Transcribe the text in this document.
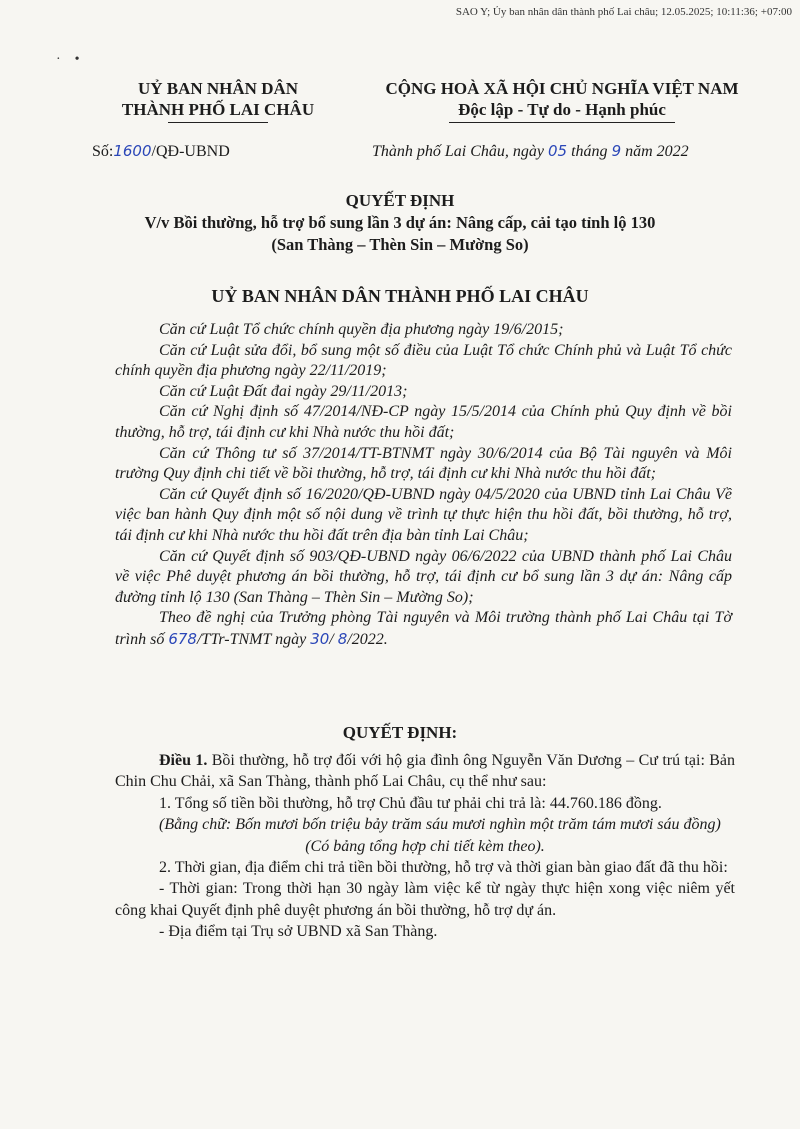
SAO Y; Ủy ban nhân dân thành phố Lai châu; 12.05.2025; 10:11:36; +07:00
·    •
UỶ BAN NHÂN DÂN
THÀNH PHỐ LAI CHÂU
CỘNG HOÀ XÃ HỘI CHỦ NGHĨA VIỆT NAM
Độc lập - Tự do - Hạnh phúc
Số:1600/QĐ-UBND	Thành phố Lai Châu, ngày 05 tháng 9 năm 2022
QUYẾT ĐỊNH
V/v Bồi thường, hỗ trợ bổ sung lần 3 dự án: Nâng cấp, cải tạo tỉnh lộ 130
(San Thàng – Thèn Sin – Mường So)
UỶ BAN NHÂN DÂN THÀNH PHỐ LAI CHÂU

Căn cứ Luật Tổ chức chính quyền địa phương ngày 19/6/2015;

Căn cứ Luật sửa đổi, bổ sung một số điều của Luật Tổ chức Chính phủ và Luật Tổ chức chính quyền địa phương ngày 22/11/2019;

Căn cứ Luật Đất đai ngày 29/11/2013;

Căn cứ Nghị định số 47/2014/NĐ-CP ngày 15/5/2014 của Chính phủ Quy định về bồi thường, hỗ trợ, tái định cư khi Nhà nước thu hồi đất;

Căn cứ Thông tư số 37/2014/TT-BTNMT ngày 30/6/2014 của Bộ Tài nguyên và Môi trường Quy định chi tiết về bồi thường, hỗ trợ, tái định cư khi Nhà nước thu hồi đất;

Căn cứ Quyết định số 16/2020/QĐ-UBND ngày 04/5/2020 của UBND tỉnh Lai Châu Về việc ban hành Quy định một số nội dung về trình tự thực hiện thu hồi đất, bồi thường, hỗ trợ, tái định cư khi Nhà nước thu hồi đất trên địa bàn tỉnh Lai Châu;

Căn cứ Quyết định số 903/QĐ-UBND ngày 06/6/2022 của UBND thành phố Lai Châu về việc Phê duyệt phương án bồi thường, hỗ trợ, tái định cư bổ sung lần 3 dự án: Nâng cấp đường tỉnh lộ 130 (San Thàng – Thèn Sin – Mường So);

Theo đề nghị của Trưởng phòng Tài nguyên và Môi trường thành phố Lai Châu tại Tờ trình số 678/TTr-TNMT ngày 30/ 8/2022.

QUYẾT ĐỊNH:

Điều 1. Bồi thường, hỗ trợ đối với hộ gia đình ông Nguyễn Văn Dương – Cư trú tại: Bản Chin Chu Chải, xã San Thàng, thành phố Lai Châu, cụ thể như sau:

1. Tổng số tiền bồi thường, hỗ trợ Chủ đầu tư phải chi trả là: 44.760.186 đồng.

(Bằng chữ: Bốn mươi bốn triệu bảy trăm sáu mươi nghìn một trăm tám mươi sáu đồng)

(Có bảng tổng hợp chi tiết kèm theo).

2. Thời gian, địa điểm chi trả tiền bồi thường, hỗ trợ và thời gian bàn giao đất đã thu hồi:

- Thời gian: Trong thời hạn 30 ngày làm việc kể từ ngày thực hiện xong việc niêm yết công khai Quyết định phê duyệt phương án bồi thường, hỗ trợ dự án.

- Địa điểm tại Trụ sở UBND xã San Thàng.
